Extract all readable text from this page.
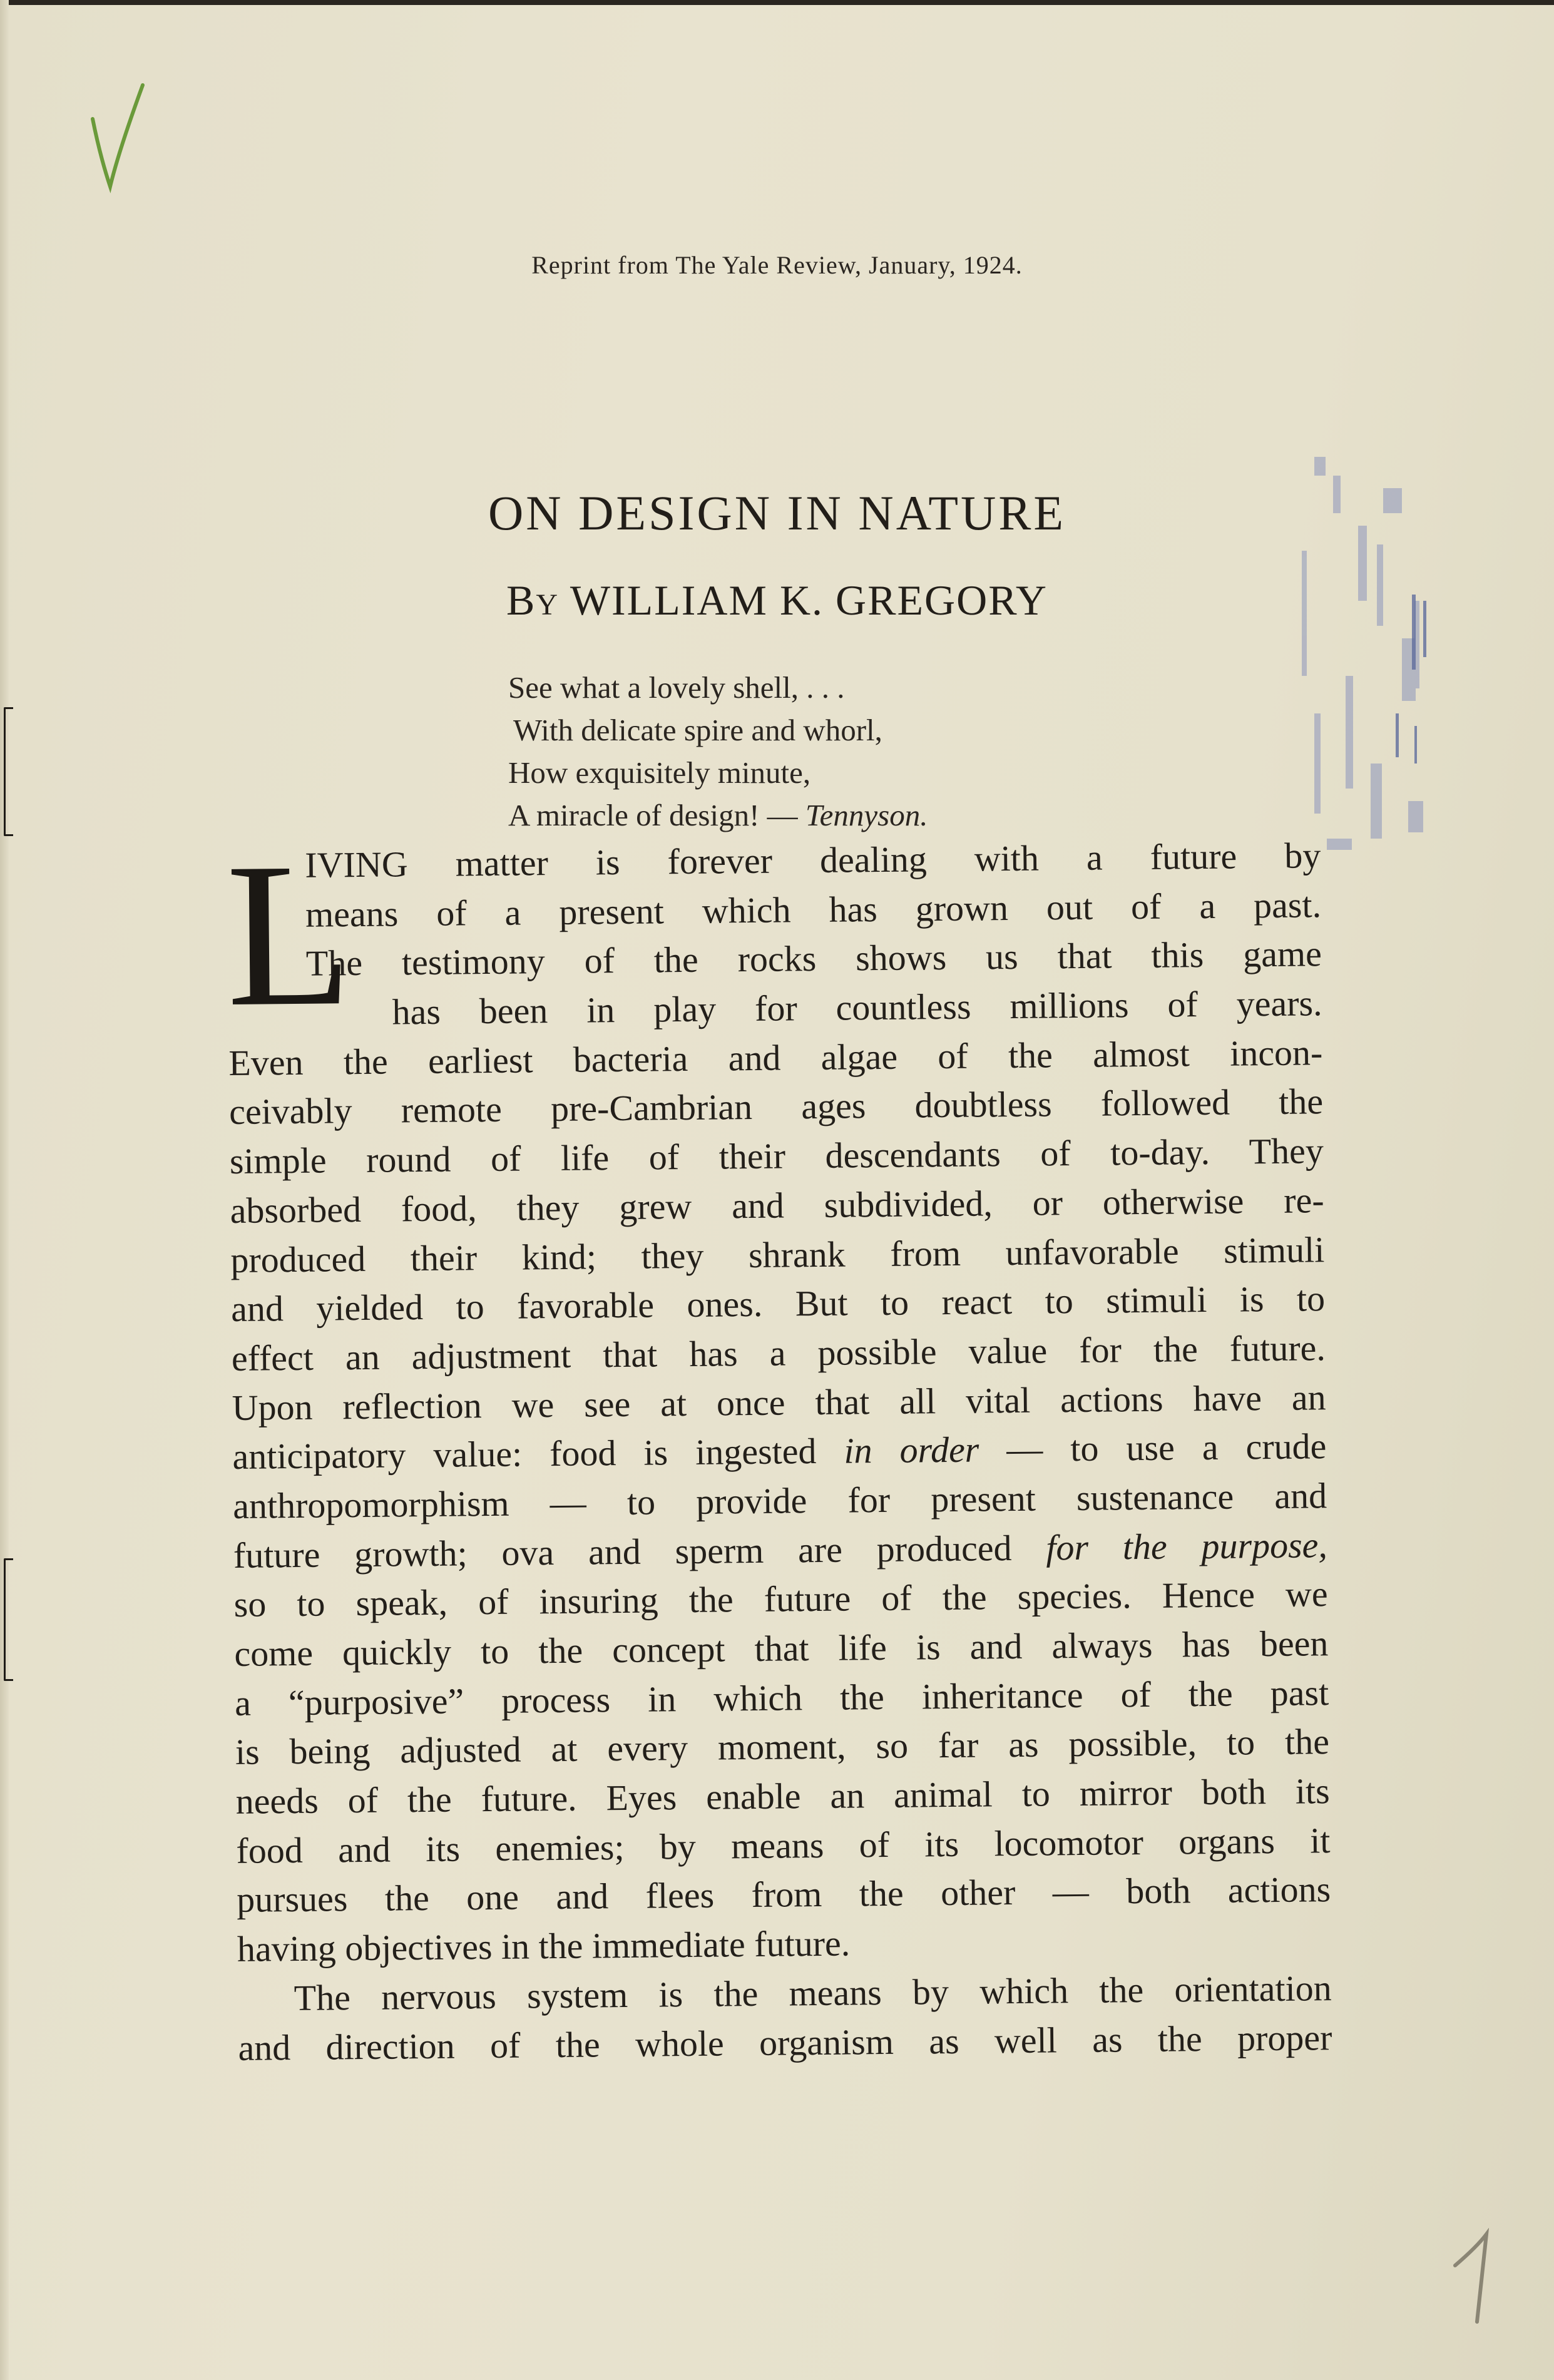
Reprint from The Yale Review, January, 1924.
ON DESIGN IN NATURE
By WILLIAM K. GREGORY
See what a lovely shell, . . .
With delicate spire and whorl,
How exquisitely minute,
A miracle of design! — Tennyson.
L
IVING matter is forever dealing with a future by
means of a present which has grown out of a past.
The testimony of the rocks shows us that this game
has been in play for countless millions of years.
Even the earliest bacteria and algae of the almost incon-
ceivably remote pre-Cambrian ages doubtless followed the
simple round of life of their descendants of to-day. They
absorbed food, they grew and subdivided, or otherwise re-
produced their kind; they shrank from unfavorable stimuli
and yielded to favorable ones. But to react to stimuli is to
effect an adjustment that has a possible value for the future.
Upon reflection we see at once that all vital actions have an
anticipatory value: food is ingested in order — to use a crude
anthropomorphism — to provide for present sustenance and
future growth; ova and sperm are produced for the purpose,
so to speak, of insuring the future of the species. Hence we
come quickly to the concept that life is and always has been
a “purposive” process in which the inheritance of the past
is being adjusted at every moment, so far as possible, to the
needs of the future. Eyes enable an animal to mirror both its
food and its enemies; by means of its locomotor organs it
pursues the one and flees from the other — both actions
having objectives in the immediate future.
The nervous system is the means by which the orientation
and direction of the whole organism as well as the proper
